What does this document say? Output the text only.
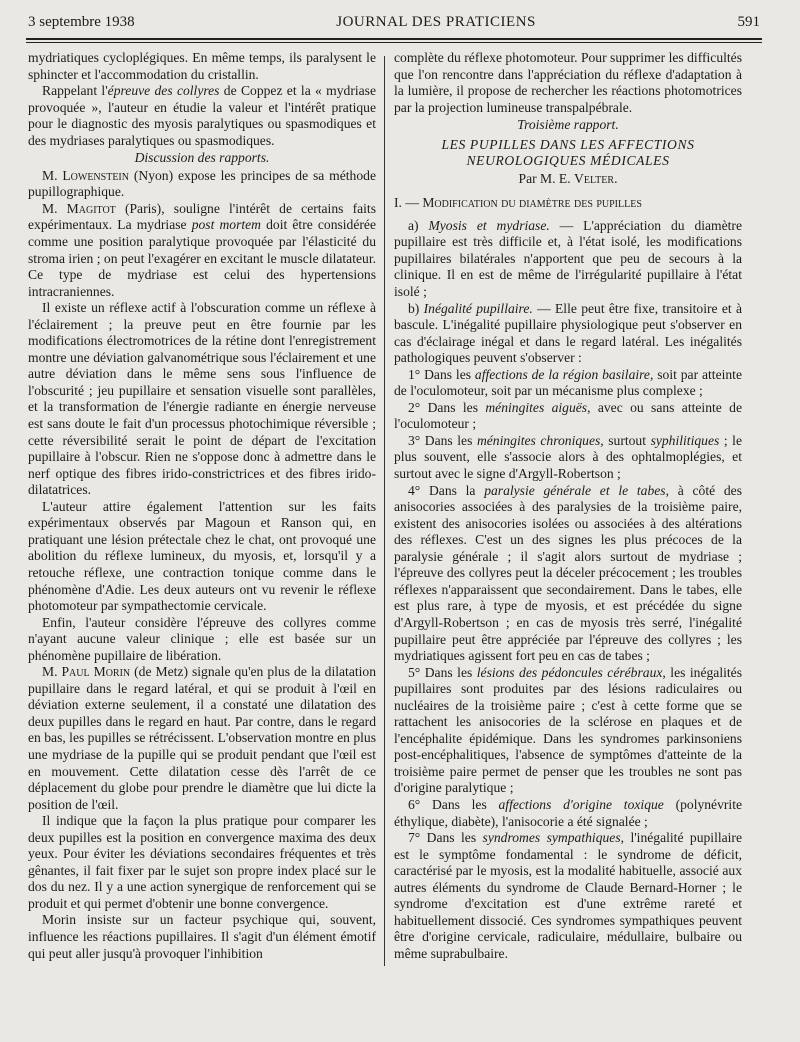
3 septembre 1938	JOURNAL DES PRATICIENS	591

mydriatiques cycloplégiques. En même temps, ils paralysent le sphincter et l'accommodation du cristallin.

Rappelant l'épreuve des collyres de Coppez et la « mydriase provoquée », l'auteur en étudie la valeur et l'intérêt pratique pour le diagnostic des myosis paralytiques ou spasmodiques et des mydriases paralytiques ou spasmodiques.

Discussion des rapports.

M. Lowenstein (Nyon) expose les principes de sa méthode pupillographique.

M. Magitot (Paris), souligne l'intérêt de certains faits expérimentaux. La mydriase post mortem doit être considérée comme une position paralytique provoquée par l'élasticité du stroma irien ; on peut l'exagérer en excitant le muscle dilatateur. Ce type de mydriase est celui des hypertensions intracraniennes.

Il existe un réflexe actif à l'obscuration comme un réflexe à l'éclairement ; la preuve peut en être fournie par les modifications électromotrices de la rétine dont l'enregistrement montre une déviation galvanométrique sous l'éclairement et une autre déviation dans le même sens sous l'influence de l'obscurité ; jeu pupillaire et sensation visuelle sont parallèles, et la transformation de l'énergie radiante en énergie nerveuse est sans doute le fait d'un processus photochimique réversible ; cette réversibilité serait le point de départ de l'excitation pupillaire à l'obscur. Rien ne s'oppose donc à admettre dans le nerf optique des fibres irido-constrictrices et des fibres irido-dilatatrices.

L'auteur attire également l'attention sur les faits expérimentaux observés par Magoun et Ranson qui, en pratiquant une lésion prétectale chez le chat, ont provoqué une abolition du réflexe lumineux, du myosis, et, lorsqu'il y a retouche réflexe, une contraction tonique comme dans le phénomène d'Adie. Les deux auteurs ont vu revenir le réflexe photomoteur par sympathectomie cervicale.

Enfin, l'auteur considère l'épreuve des collyres comme n'ayant aucune valeur clinique ; elle est basée sur un phénomène pupillaire de libération.

M. Paul Morin (de Metz) signale qu'en plus de la dilatation pupillaire dans le regard latéral, et qui se produit à l'œil en déviation externe seulement, il a constaté une dilatation des deux pupilles dans le regard en haut. Par contre, dans le regard en bas, les pupilles se rétrécissent. L'observation montre en plus une mydriase de la pupille qui se produit pendant que l'œil est en mouvement. Cette dilatation cesse dès l'arrêt de ce déplacement du globe pour prendre le diamètre que lui dicte la position de l'œil.

Il indique que la façon la plus pratique pour comparer les deux pupilles est la position en convergence maxima des deux yeux. Pour éviter les déviations secondaires fréquentes et très gênantes, il fait fixer par le sujet son propre index placé sur le dos du nez. Il y a une action synergique de renforcement qui se produit et qui permet d'obtenir une bonne convergence.

Morin insiste sur un facteur psychique qui, souvent, influence les réactions pupillaires. Il s'agit d'un élément émotif qui peut aller jusqu'à provoquer l'inhibition

complète du réflexe photomoteur. Pour supprimer les difficultés que l'on rencontre dans l'appréciation du réflexe d'adaptation à la lumière, il propose de rechercher les réactions photomotrices par la projection lumineuse transpalpébrale.

Troisième rapport.

LES PUPILLES DANS LES AFFECTIONS
NEUROLOGIQUES MÉDICALES
Par M. E. Velter.

I. — Modification du diamètre des pupilles

a) Myosis et mydriase. — L'appréciation du diamètre pupillaire est très difficile et, à l'état isolé, les modifications pupillaires bilatérales n'apportent que peu de secours à la clinique. Il en est de même de l'irrégularité pupillaire à l'état isolé ;

b) Inégalité pupillaire. — Elle peut être fixe, transitoire et à bascule. L'inégalité pupillaire physiologique peut s'observer en cas d'éclairage inégal et dans le regard latéral. Les inégalités pathologiques peuvent s'observer :

1° Dans les affections de la région basilaire, soit par atteinte de l'oculomoteur, soit par un mécanisme plus complexe ;

2° Dans les méningites aiguës, avec ou sans atteinte de l'oculomoteur ;

3° Dans les méningites chroniques, surtout syphilitiques ; le plus souvent, elle s'associe alors à des ophtalmoplégies, et surtout avec le signe d'Argyll-Robertson ;

4° Dans la paralysie générale et le tabes, à côté des anisocories associées à des paralysies de la troisième paire, existent des anisocories isolées ou associées à des altérations des réflexes. C'est un des signes les plus précoces de la paralysie générale ; il s'agit alors surtout de mydriase ; l'épreuve des collyres peut la déceler précocement ; les troubles réflexes n'apparaissent que secondairement. Dans le tabes, elle est plus rare, à type de myosis, et est précédée du signe d'Argyll-Robertson ; en cas de myosis très serré, l'inégalité pupillaire peut être appréciée par l'épreuve des collyres ; les mydriatiques agissent fort peu en cas de tabes ;

5° Dans les lésions des pédoncules cérébraux, les inégalités pupillaires sont produites par des lésions radiculaires ou nucléaires de la troisième paire ; c'est à cette forme que se rattachent les anisocories de la sclérose en plaques et de l'encéphalite épidémique. Dans les syndromes parkinsoniens post-encéphalitiques, l'absence de symptômes d'atteinte de la troisième paire permet de penser que les troubles ne sont pas d'origine paralytique ;

6° Dans les affections d'origine toxique (polynévrite éthylique, diabète), l'anisocorie a été signalée ;

7° Dans les syndromes sympathiques, l'inégalité pupillaire est le symptôme fondamental : le syndrome de déficit, caractérisé par le myosis, est la modalité habituelle, associé aux autres éléments du syndrome de Claude Bernard-Horner ; le syndrome d'excitation est d'une extrême rareté et habituellement dissocié. Ces syndromes sympathiques peuvent être d'origine cervicale, radiculaire, médullaire, bulbaire ou même suprabulbaire.
